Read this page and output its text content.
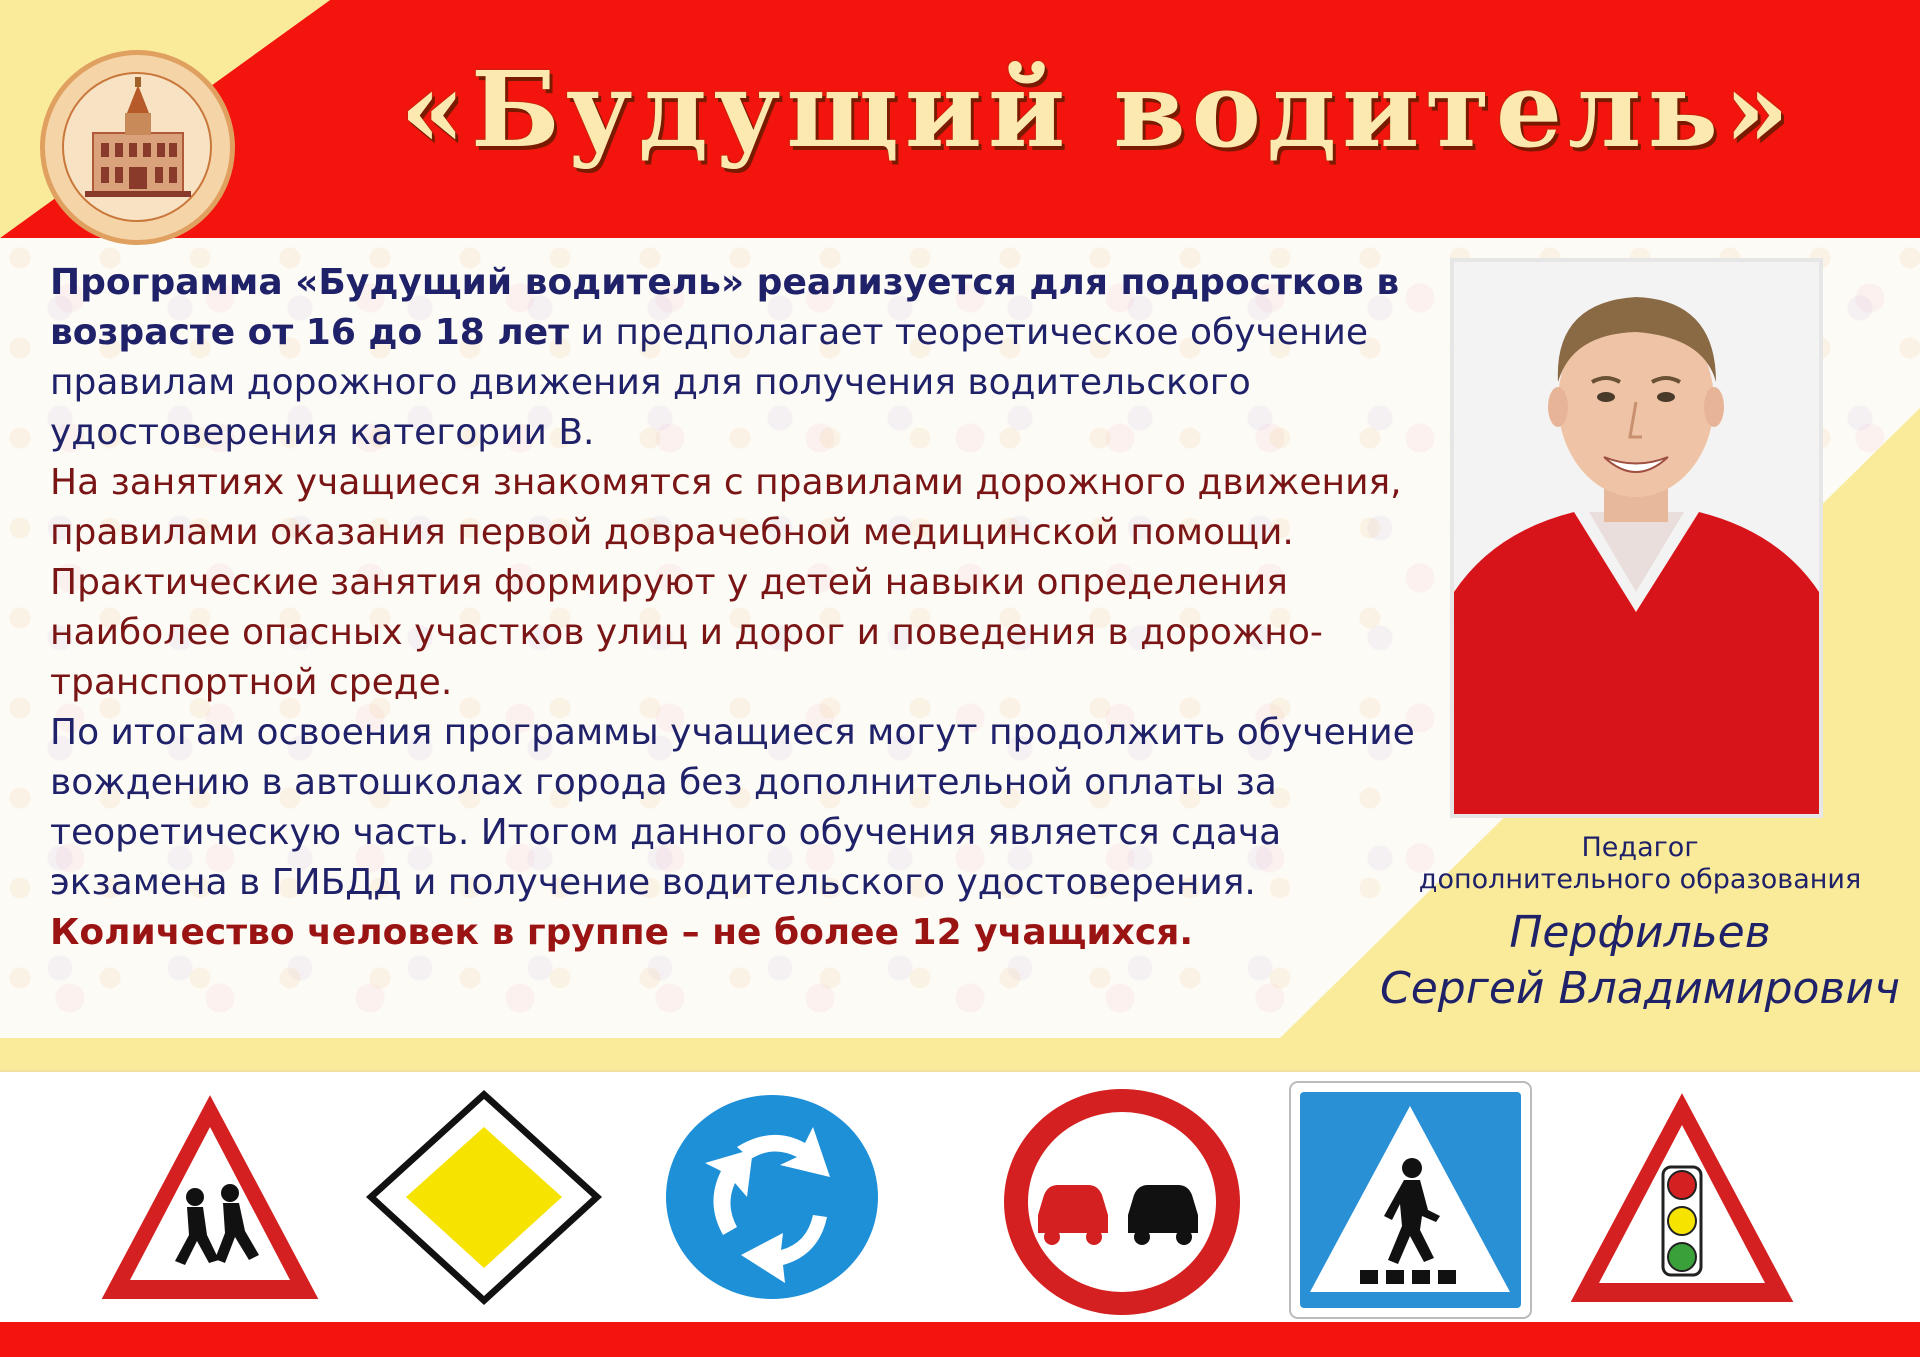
«Будущий водитель»
Программа «Будущий водитель» реализуется для подростков в возрасте от 16 до 18 лет и предполагает теоретическое обучение правилам дорожного движения для получения водительского удостоверения категории В.
На занятиях учащиеся знакомятся с правилами дорожного движения, правилами оказания первой доврачебной медицинской помощи.
Практические занятия формируют у детей навыки определения наиболее опасных участков улиц и дорог и поведения в дорожно-транспортной среде.
По итогам освоения программы учащиеся могут продолжить обучение вождению в автошколах города без дополнительной оплаты за теоретическую часть. Итогом данного обучения является сдача экзамена в ГИБДД и получение водительского удостоверения.
Количество человек в группе – не более 12 учащихся.
Педагог
дополнительного образования
Перфильев
Сергей Владимирович
